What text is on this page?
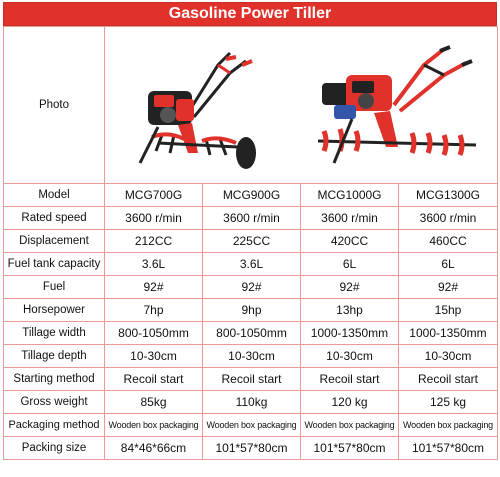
Gasoline Power Tiller
Photo	

Model	MCG700G	MCG900G	MCG1000G	MCG1300G
Rated speed	3600 r/min	3600 r/min	3600 r/min	3600 r/min
Displacement	212CC	225CC	420CC	460CC
Fuel tank capacity	3.6L	3.6L	6L	6L
Fuel	92#	92#	92#	92#
Horsepower	7hp	9hp	13hp	15hp
Tillage width	800-1050mm	800-1050mm	1000-1350mm	1000-1350mm
Tillage depth	10-30cm	10-30cm	10-30cm	10-30cm
Starting method	Recoil start	Recoil start	Recoil start	Recoil start
Gross weight	85kg	110kg	120 kg	125 kg
Packaging method	Wooden box packaging	Wooden box packaging	Wooden box packaging	Wooden box packaging
Packing size	84*46*66cm	101*57*80cm	101*57*80cm	101*57*80cm
